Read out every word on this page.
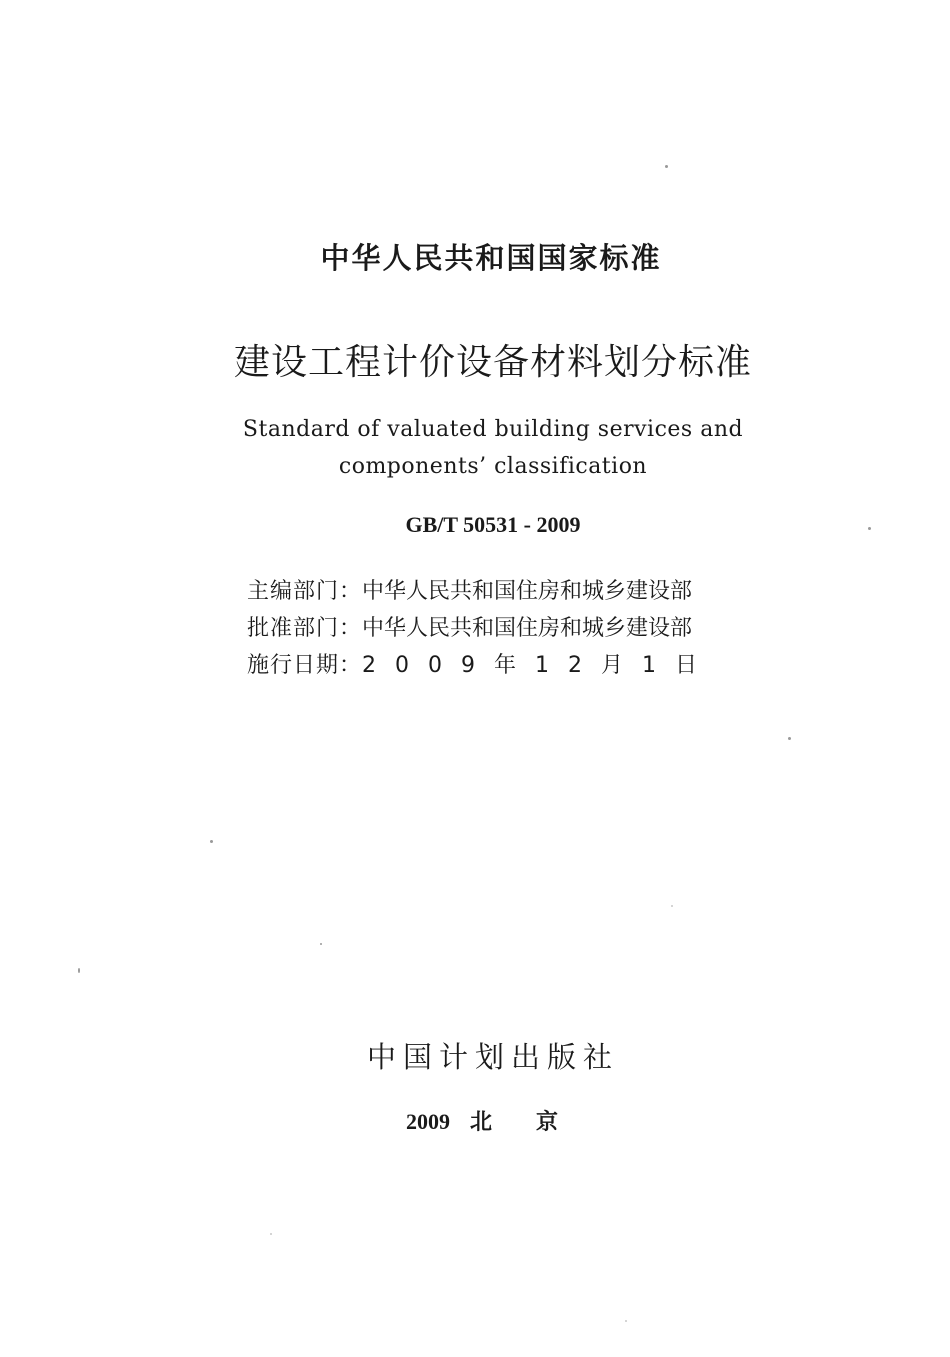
中华人民共和国国家标准
建设工程计价设备材料划分标准
Standard of valuated building services and
components’ classification
GB/T 50531 - 2009
主编部门：中华人民共和国住房和城乡建设部
批准部门：中华人民共和国住房和城乡建设部
施行日期：2009年12月1日
中国计划出版社
2009 北京
